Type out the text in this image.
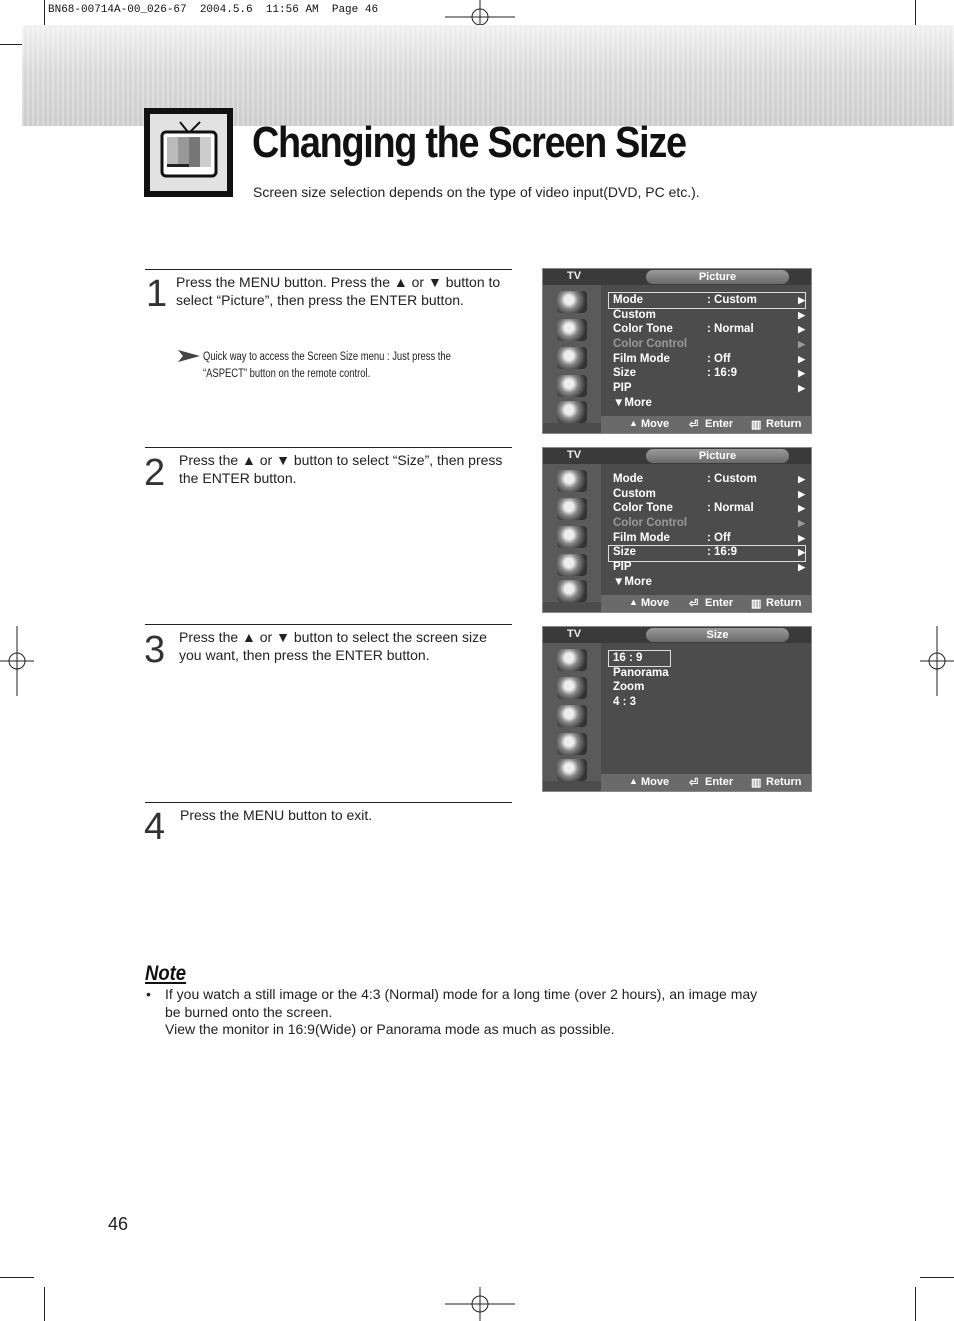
BN68-00714A-00_026-67  2004.5.6  11:56 AM  Page 46
Changing the Screen Size
Screen size selection depends on the type of video input(DVD, PC etc.).
1 Press the MENU button. Press the ▲ or ▼ button to select “Picture”, then press the ENTER button.
Quick way to access the Screen Size menu : Just press the “ASPECT” button on the remote control.
2 Press the ▲ or ▼ button to select “Size”, then press the ENTER button.
3 Press the ▲ or ▼ button to select the screen size you want, then press the ENTER button.
4 Press the MENU button to exit.
TV	Picture
Mode	: Custom	▶
Custom	▶
Color Tone	: Normal	▶
Color Control	▶
Film Mode	: Off	▶
Size	: 16:9	▶
PIP	▶
▼More
▲ Move ⏎ Enter ▥ Return
TV	Picture
Mode	: Custom	▶
Custom	▶
Color Tone	: Normal	▶
Color Control	▶
Film Mode	: Off	▶
Size	: 16:9	▶
PIP	▶
▼More
▲ Move ⏎ Enter ▥ Return
TV	Size
16 : 9
Panorama
Zoom
4 : 3
▲ Move ⏎ Enter ▥ Return
Note
• If you watch a still image or the 4:3 (Normal) mode for a long time (over 2 hours), an image may
be burned onto the screen.
View the monitor in 16:9(Wide) or Panorama mode as much as possible.
46
